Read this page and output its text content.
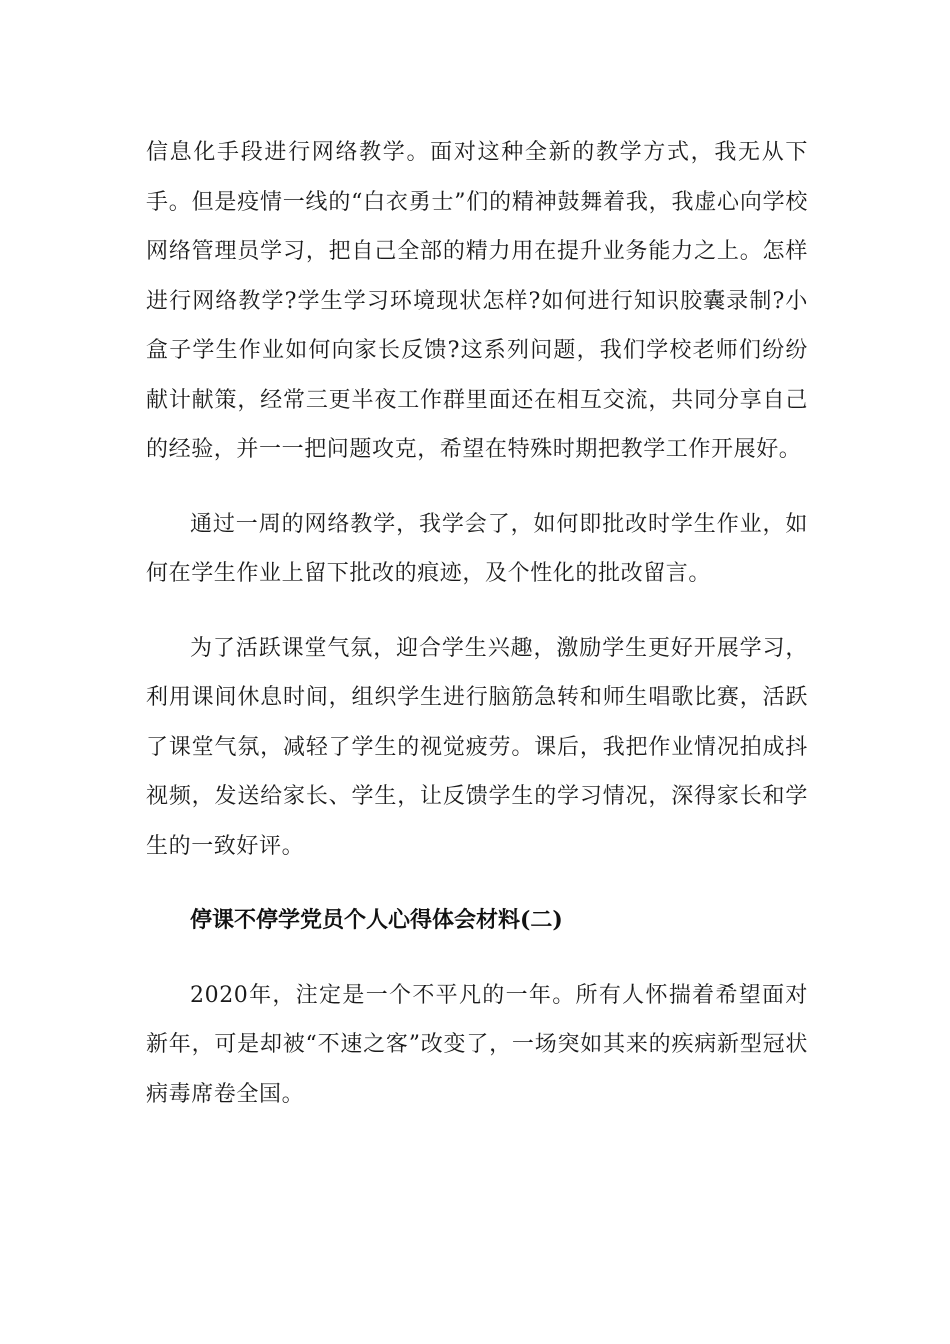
信息化手段进行网络教学。面对这种全新的教学方式，我无从下手。但是疫情一线的“白衣勇士”们的精神鼓舞着我，我虚心向学校网络管理员学习，把自己全部的精力用在提升业务能力之上。怎样进行网络教学?学生学习环境现状怎样?如何进行知识胶囊录制?小盒子学生作业如何向家长反馈?这系列问题，我们学校老师们纷纷献计献策，经常三更半夜工作群里面还在相互交流，共同分享自己的经验，并一一把问题攻克，希望在特殊时期把教学工作开展好。

通过一周的网络教学，我学会了，如何即批改时学生作业，如何在学生作业上留下批改的痕迹，及个性化的批改留言。

为了活跃课堂气氛，迎合学生兴趣，激励学生更好开展学习，利用课间休息时间，组织学生进行脑筋急转和师生唱歌比赛，活跃了课堂气氛，减轻了学生的视觉疲劳。课后，我把作业情况拍成抖视频，发送给家长、学生，让反馈学生的学习情况，深得家长和学生的一致好评。

停课不停学党员个人心得体会材料(二)

2020年，注定是一个不平凡的一年。所有人怀揣着希望面对新年，可是却被“不速之客”改变了，一场突如其来的疾病新型冠状病毒席卷全国。
